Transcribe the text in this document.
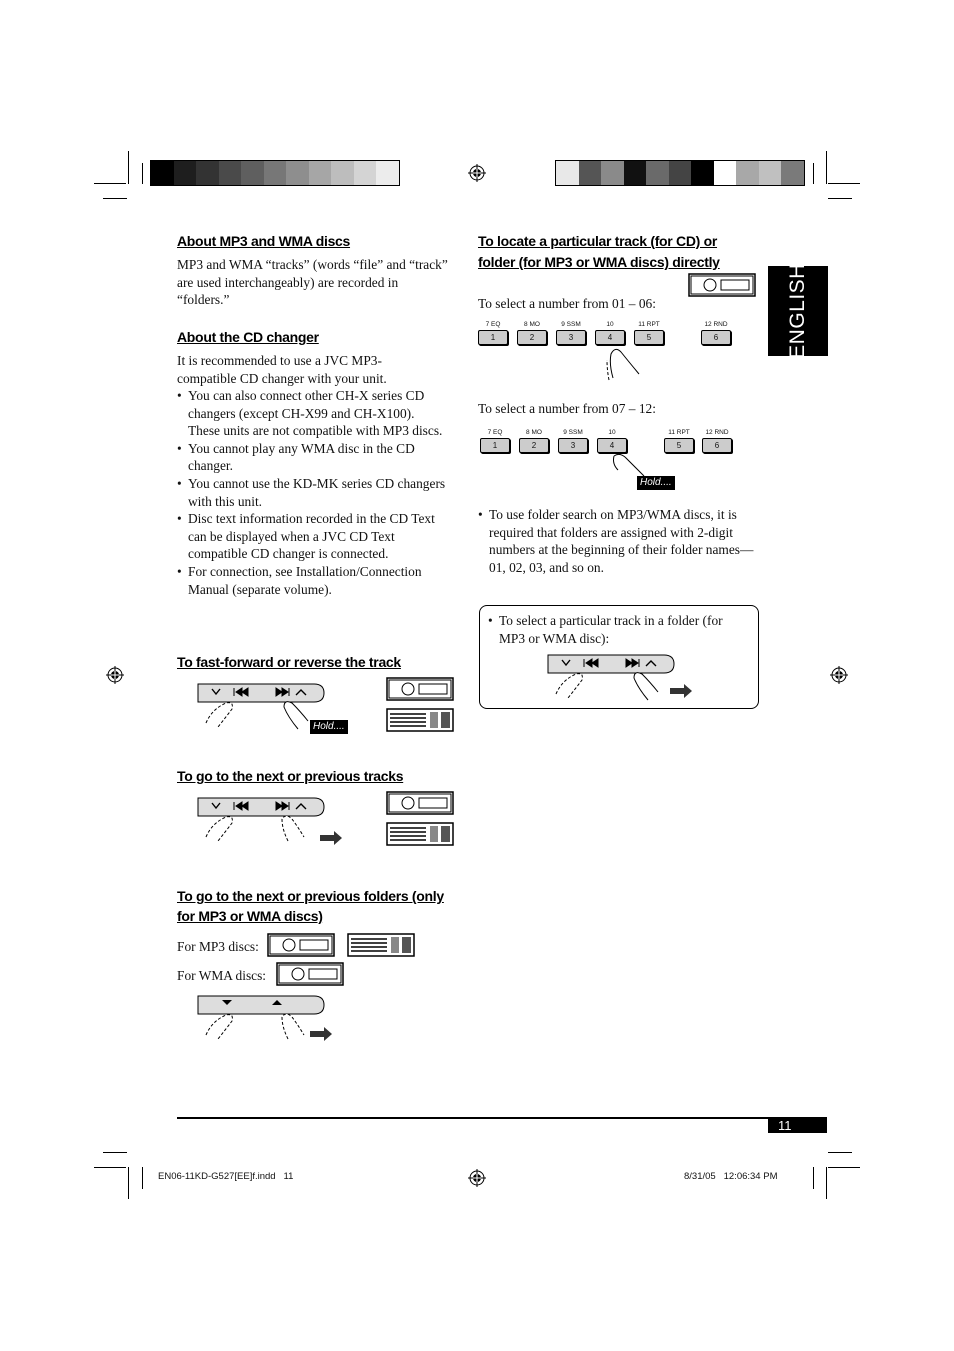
ENGLISH
About MP3 and WMA discs
MP3 and WMA “tracks” (words “file” and “track” are used interchangeably) are recorded in “folders.”
About the CD changer
It is recommended to use a JVC MP3-compatible CD changer with your unit.
• You can also connect other CH-X series CD changers (except CH-X99 and CH-X100). These units are not compatible with MP3 discs.
• You cannot play any WMA disc in the CD changer.
• You cannot use the KD-MK series CD changers with this unit.
• Disc text information recorded in the CD Text can be displayed when a JVC CD Text compatible CD changer is connected.
• For connection, see Installation/Connection Manual (separate volume).
To fast-forward or reverse the track
Hold....
To go to the next or previous tracks
To go to the next or previous folders (only for MP3 or WMA discs)
For MP3 discs:
For WMA discs:
To locate a particular track (for CD) or folder (for MP3 or WMA discs) directly
To select a number from 01 – 06:
7 EQ
1
8 MO
2
9 SSM
3
10
4
11 RPT
5
12 RND
6
To select a number from 07 – 12:
7 EQ
1
8 MO
2
9 SSM
3
10
4
11 RPT
5
12 RND
6
Hold....
• To use folder search on MP3/WMA discs, it is required that folders are assigned with 2-digit numbers at the beginning of their folder names—01, 02, 03, and so on.
• To select a particular track in a folder (for MP3 or WMA disc):
11
EN06-11KD-G527[EE]f.indd   11	8/31/05   12:06:34 PM
